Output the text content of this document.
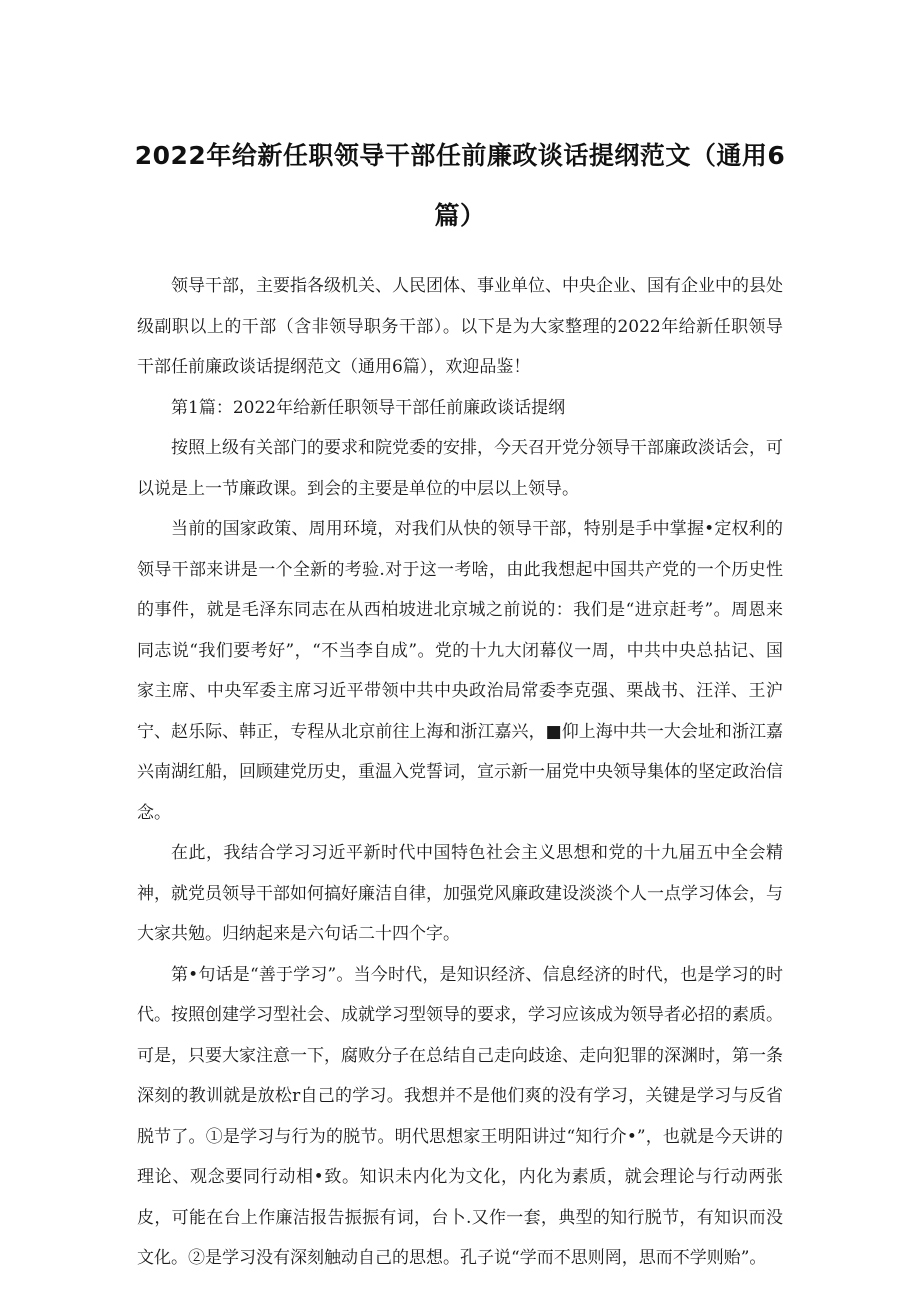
2022年给新任职领导干部任前廉政谈话提纲范文（通用6
篇）

领导干部，主要指各级机关、人民团体、事业单位、中央企业、国有企业中的县处级副职以上的干部（含非领导职务干部）。以下是为大家整理的2022年给新任职领导干部任前廉政谈话提纲范文（通用6篇），欢迎品鉴！

第1篇：2022年给新任职领导干部任前廉政谈话提纲

按照上级有关部门的要求和院党委的安排，今天召开党分领导干部廉政淡话会，可以说是上一节廉政课。到会的主要是单位的中层以上领导。

当前的国家政策、周用环境，对我们从快的领导干部，特别是手中掌握•定权利的领导干部来讲是一个全新的考验.对于这一考啥，由此我想起中国共产党的一个历史性的事件，就是毛泽东同志在从西柏坡进北京城之前说的：我们是“进京赶考”。周恩来同志说“我们要考好”，“不当李自成”。党的十九大闭幕仪一周，中共中央总拈记、国家主席、中央军委主席习近平带领中共中央政治局常委李克强、栗战书、汪洋、王沪宁、赵乐际、韩正，专程从北京前往上海和浙江嘉兴，■仰上海中共一大会址和浙江嘉兴南湖红船，回顾建党历史，重温入党誓词，宣示新一届党中央领导集体的坚定政治信念。

在此，我结合学习习近平新时代中国特色社会主义思想和党的十九届五中全会精神，就党员领导干部如何搞好廉洁自律，加强党风廉政建设淡淡个人一点学习体会，与大家共勉。归纳起来是六句话二十四个字。

第•句话是“善于学习”。当今时代，是知识经济、信息经济的时代，也是学习的时代。按照创建学习型社会、成就学习型领导的要求，学习应该成为领导者必招的素质。可是，只要大家注意一下，腐败分子在总结自己走向歧途、走向犯罪的深渊时，第一条深刻的教训就是放松r自己的学习。我想并不是他们爽的没有学习，关键是学习与反省脱节了。①是学习与行为的脱节。明代思想家王明阳讲过“知行介•”，也就是今天讲的理论、观念要同行动相•致。知识未内化为文化，内化为素质，就会理论与行动两张皮，可能在台上作廉洁报告振振有词，台卜.又作一套，典型的知行脱节，有知识而没文化。②是学习没有深刻触动自己的思想。孔子说“学而不思则罔，思而不学则贻”。
